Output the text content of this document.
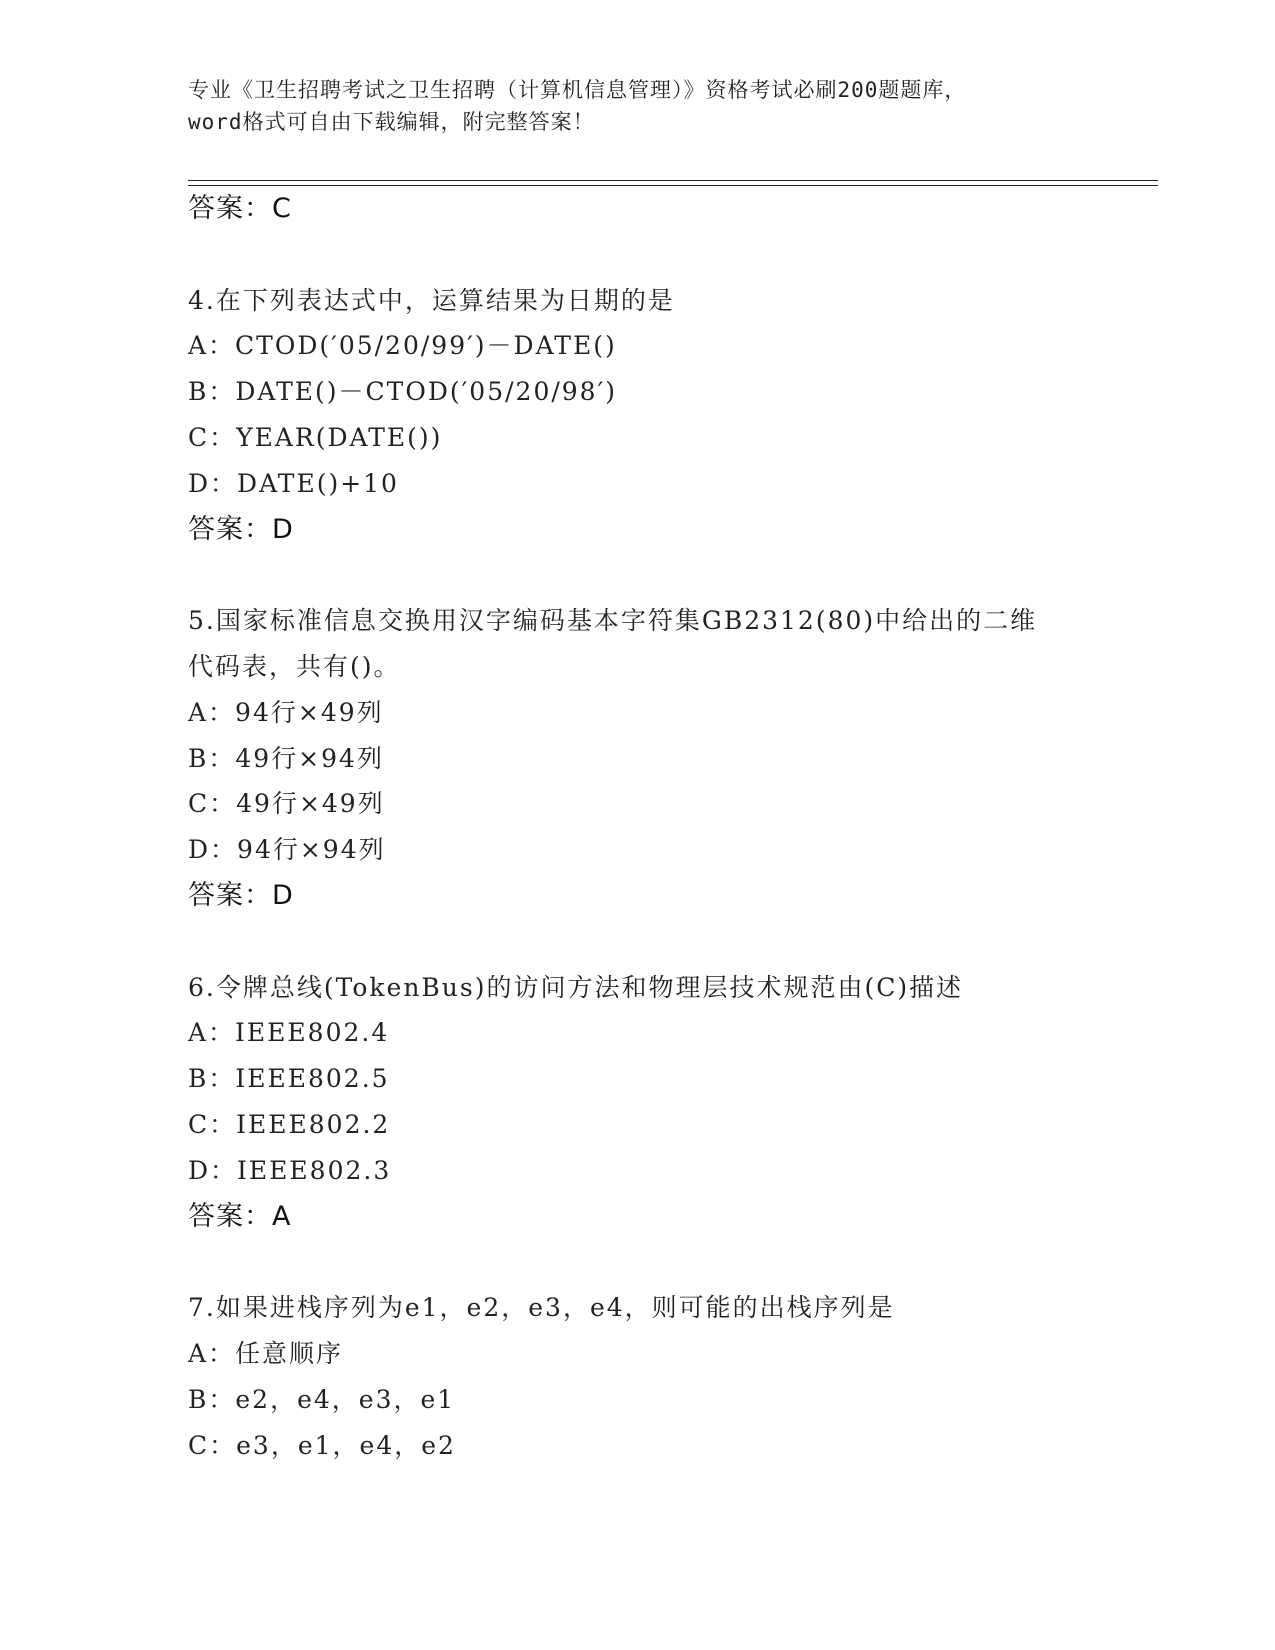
专业《卫生招聘考试之卫生招聘（计算机信息管理）》资格考试必刷200题题库，
word格式可自由下载编辑，附完整答案！
答案：C
4.在下列表达式中，运算结果为日期的是
A：CTOD(′05/20/99′)－DATE()
B：DATE()－CTOD(′05/20/98′)
C：YEAR(DATE())
D：DATE()+10
答案：D
5.国家标准信息交换用汉字编码基本字符集GB2312(80)中给出的二维
代码表，共有()。
A：94行×49列
B：49行×94列
C：49行×49列
D：94行×94列
答案：D
6.令牌总线(TokenBus)的访问方法和物理层技术规范由(C)描述
A：IEEE802.4
B：IEEE802.5
C：IEEE802.2
D：IEEE802.3
答案：A
7.如果进栈序列为e1，e2，e3，e4，则可能的出栈序列是
A：任意顺序
B：e2，e4，e3，e1
C：e3，e1，e4，e2
